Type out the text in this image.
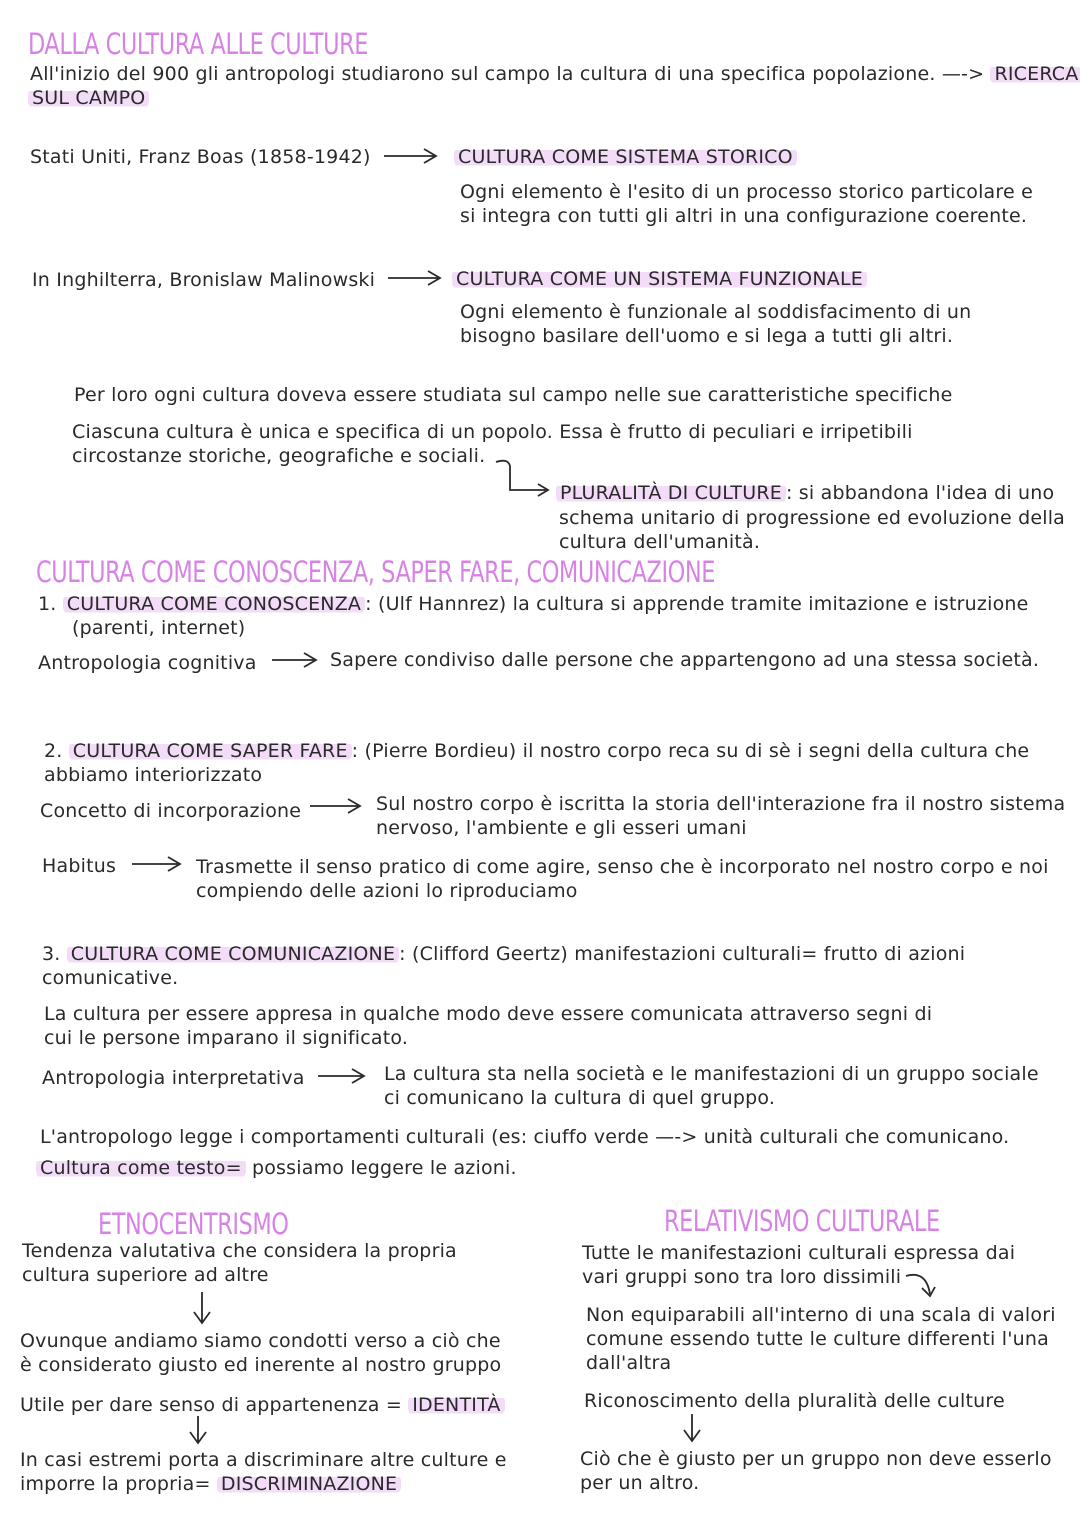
DALLA CULTURA ALLE CULTURE
All'inizio del 900 gli antropologi studiarono sul campo la cultura di una specifica popolazione. —-> RICERCA
SUL CAMPO
Stati Uniti, Franz Boas (1858-1942)	CULTURA COME SISTEMA STORICO
Ogni elemento è l'esito di un processo storico particolare e
si integra con tutti gli altri in una configurazione coerente.
In Inghilterra, Bronislaw Malinowski	CULTURA COME UN SISTEMA FUNZIONALE
Ogni elemento è funzionale al soddisfacimento di un
bisogno basilare dell'uomo e si lega a tutti gli altri.
Per loro ogni cultura doveva essere studiata sul campo nelle sue caratteristiche specifiche
Ciascuna cultura è unica e specifica di un popolo. Essa è frutto di peculiari e irripetibili
circostanze storiche, geografiche e sociali.
PLURALITÀ DI CULTURE : si abbandona l'idea di uno
schema unitario di progressione ed evoluzione della
cultura dell'umanità.
CULTURA COME CONOSCENZA, SAPER FARE, COMUNICAZIONE
1. CULTURA COME CONOSCENZA : (Ulf Hannrez) la cultura si apprende tramite imitazione e istruzione
(parenti, internet)
Antropologia cognitiva	Sapere condiviso dalle persone che appartengono ad una stessa società.
2. CULTURA COME SAPER FARE : (Pierre Bordieu) il nostro corpo reca su di sè i segni della cultura che
abbiamo interiorizzato
Concetto di incorporazione	Sul nostro corpo è iscritta la storia dell'interazione fra il nostro sistema
nervoso, l'ambiente e gli esseri umani
Habitus	Trasmette il senso pratico di come agire, senso che è incorporato nel nostro corpo e noi
compiendo delle azioni lo riproduciamo
3. CULTURA COME COMUNICAZIONE : (Clifford Geertz) manifestazioni culturali= frutto di azioni
comunicative.
La cultura per essere appresa in qualche modo deve essere comunicata attraverso segni di
cui le persone imparano il significato.
Antropologia interpretativa	La cultura sta nella società e le manifestazioni di un gruppo sociale
ci comunicano la cultura di quel gruppo.
L'antropologo legge i comportamenti culturali (es: ciuffo verde —-> unità culturali che comunicano.
Cultura come testo= possiamo leggere le azioni.
ETNOCENTRISMO
Tendenza valutativa che considera la propria
cultura superiore ad altre
Ovunque andiamo siamo condotti verso a ciò che
è considerato giusto ed inerente al nostro gruppo
Utile per dare senso di appartenenza = IDENTITÀ
In casi estremi porta a discriminare altre culture e
imporre la propria= DISCRIMINAZIONE
RELATIVISMO CULTURALE
Tutte le manifestazioni culturali espressa dai
vari gruppi sono tra loro dissimili
Non equiparabili all'interno di una scala di valori
comune essendo tutte le culture differenti l'una
dall'altra
Riconoscimento della pluralità delle culture
Ciò che è giusto per un gruppo non deve esserlo
per un altro.
